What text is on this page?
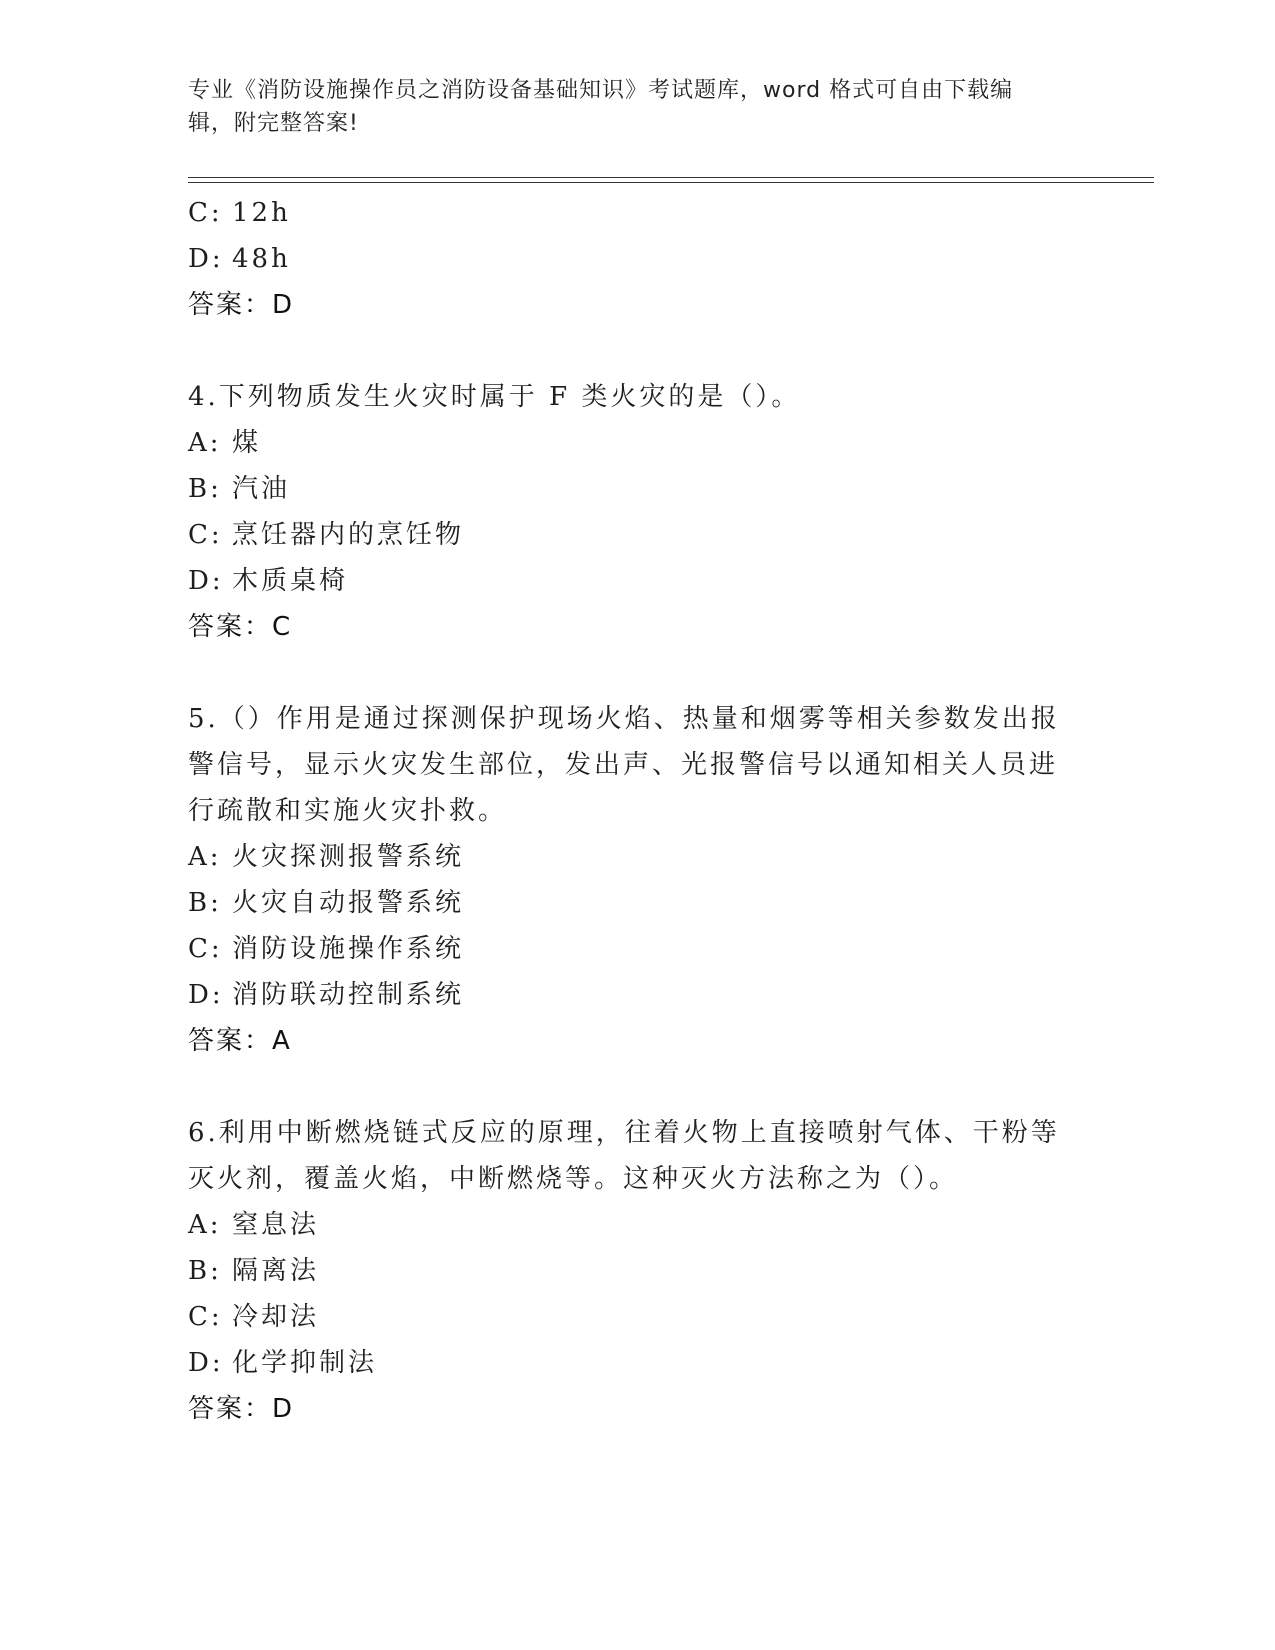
专业《消防设施操作员之消防设备基础知识》考试题库，word 格式可自由下载编
辑，附完整答案!
C: 12h
D: 48h
答案：D
4.下列物质发生火灾时属于 F 类火灾的是（）。
A: 煤
B: 汽油
C: 烹饪器内的烹饪物
D: 木质桌椅
答案：C
5.（）作用是通过探测保护现场火焰、热量和烟雾等相关参数发出报警信号，显示火灾发生部位，发出声、光报警信号以通知相关人员进行疏散和实施火灾扑救。
A: 火灾探测报警系统
B: 火灾自动报警系统
C: 消防设施操作系统
D: 消防联动控制系统
答案：A
6.利用中断燃烧链式反应的原理，往着火物上直接喷射气体、干粉等灭火剂，覆盖火焰，中断燃烧等。这种灭火方法称之为（）。
A: 窒息法
B: 隔离法
C: 冷却法
D: 化学抑制法
答案：D
